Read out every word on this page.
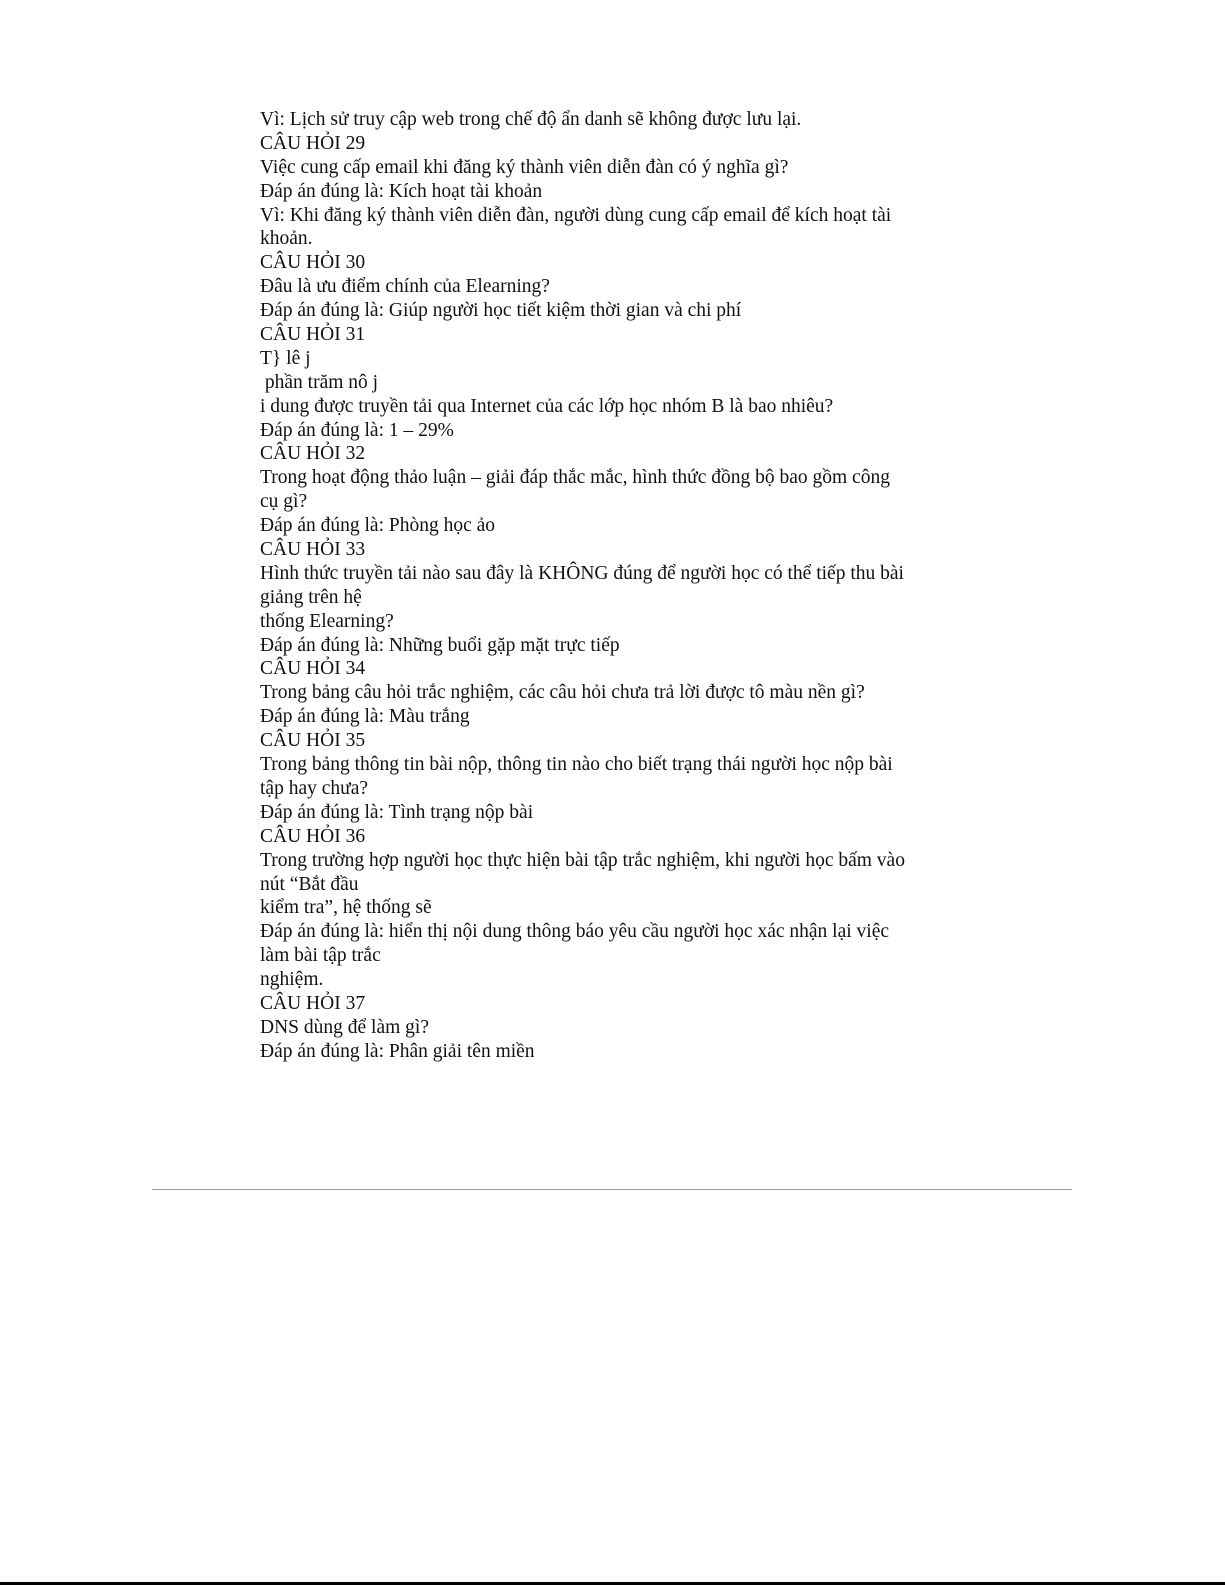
Vì: Lịch sử truy cập web trong chế độ ẩn danh sẽ không được lưu lại.

CÂU HỎI 29

Việc cung cấp email khi đăng ký thành viên diễn đàn có ý nghĩa gì?

Đáp án đúng là: Kích hoạt tài khoản

Vì: Khi đăng ký thành viên diễn đàn, người dùng cung cấp email để kích hoạt tài

khoản.

CÂU HỎI 30

Đâu là ưu điểm chính của Elearning?

Đáp án đúng là: Giúp người học tiết kiệm thời gian và chi phí

CÂU HỎI 31

T} lê j

phần trăm nô j

i dung được truyền tải qua Internet của các lớp học nhóm B là bao nhiêu?

Đáp án đúng là: 1 – 29%

CÂU HỎI 32

Trong hoạt động thảo luận – giải đáp thắc mắc, hình thức đồng bộ bao gồm công

cụ gì?

Đáp án đúng là: Phòng học ảo

CÂU HỎI 33

Hình thức truyền tải nào sau đây là KHÔNG đúng để người học có thể tiếp thu bài

giảng trên hệ

thống Elearning?

Đáp án đúng là: Những buổi gặp mặt trực tiếp

CÂU HỎI 34

Trong bảng câu hỏi trắc nghiệm, các câu hỏi chưa trả lời được tô màu nền gì?

Đáp án đúng là: Màu trắng

CÂU HỎI 35

Trong bảng thông tin bài nộp, thông tin nào cho biết trạng thái người học nộp bài

tập hay chưa?

Đáp án đúng là: Tình trạng nộp bài

CÂU HỎI 36

Trong trường hợp người học thực hiện bài tập trắc nghiệm, khi người học bấm vào

nút “Bắt đầu

kiểm tra”, hệ thống sẽ

Đáp án đúng là: hiển thị nội dung thông báo yêu cầu người học xác nhận lại việc

làm bài tập trắc

nghiệm.

CÂU HỎI 37

DNS dùng để làm gì?

Đáp án đúng là: Phân giải tên miền
